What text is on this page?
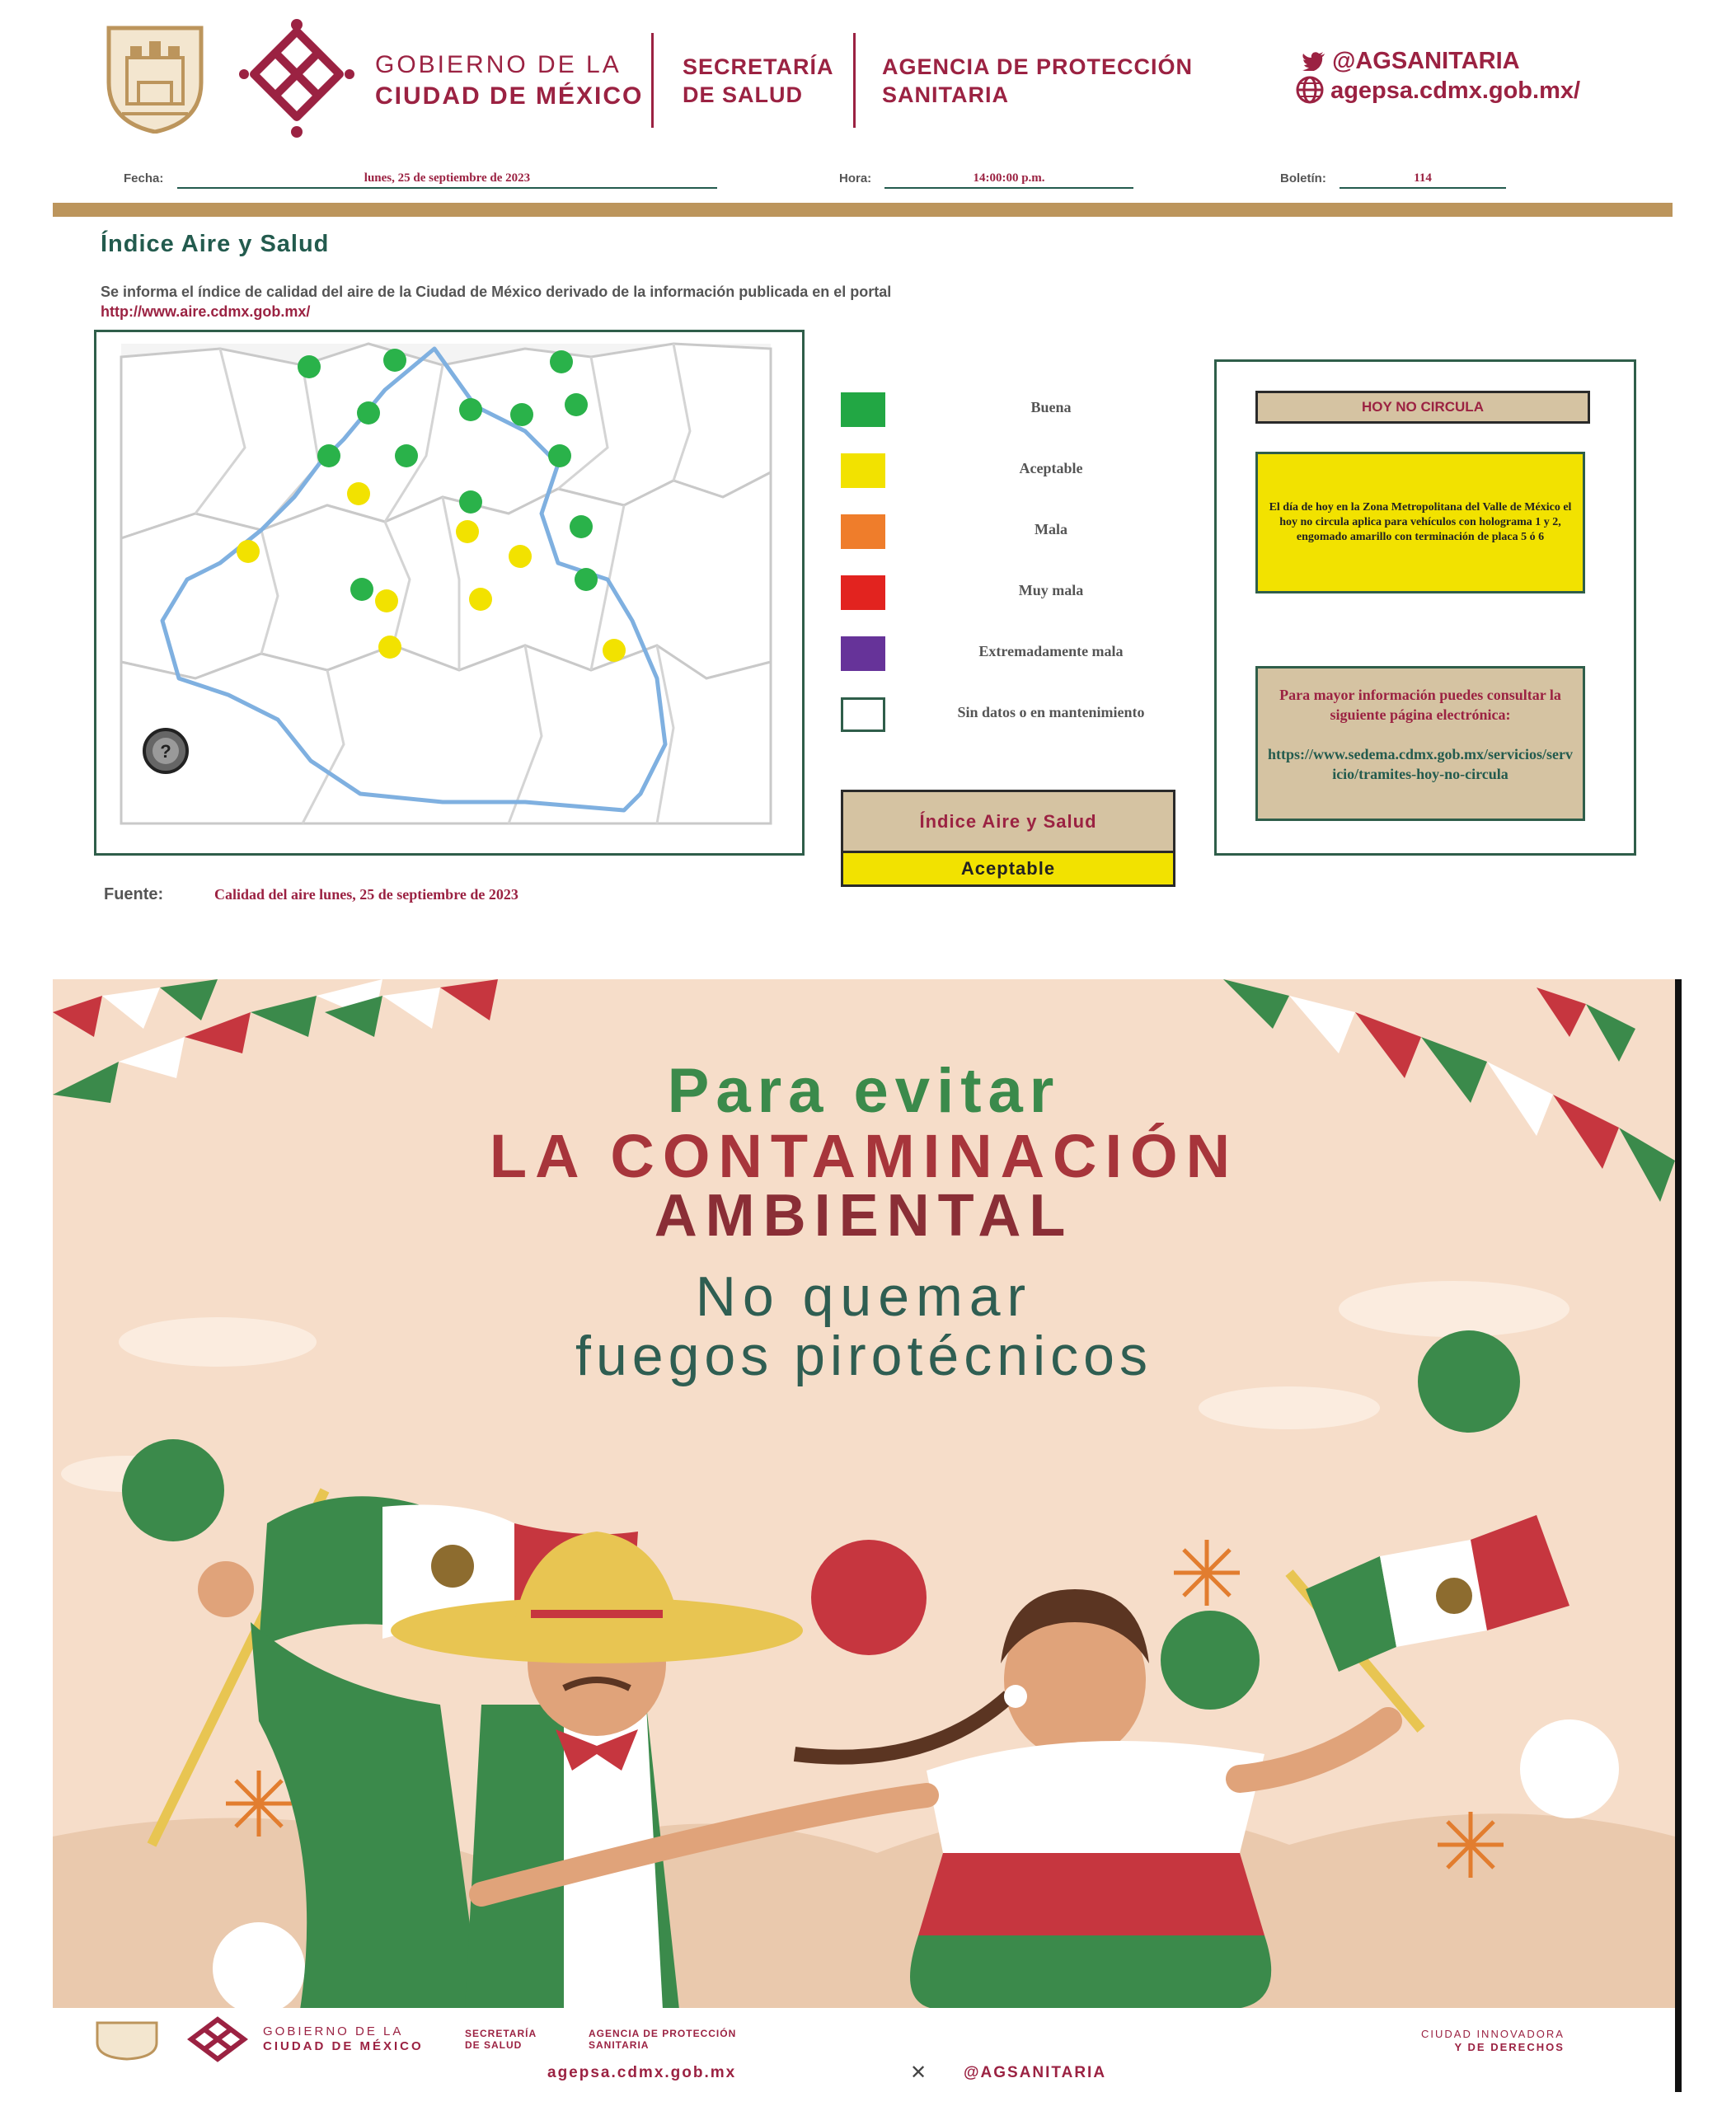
GOBIERNO DE LA
CIUDAD DE MÉXICO
SECRETARÍA
DE SALUD
AGENCIA DE PROTECCIÓN
SANITARIA
@AGSANITARIA
agepsa.cdmx.gob.mx/
Fecha:	lunes, 25 de septiembre de 2023	Hora:	14:00:00 p.m.	Boletín:	114
Índice Aire y Salud
Se informa el índice de calidad del aire de la Ciudad de México derivado de la información publicada en el portal
http://www.aire.cdmx.gob.mx/
?
Buena
Aceptable
Mala
Muy mala
Extremadamente mala
Sin datos o en mantenimiento
Índice Aire y Salud
Aceptable
HOY NO CIRCULA
El día de hoy en la Zona Metropolitana del Valle de México el hoy no circula aplica para vehículos con holograma 1 y 2, engomado amarillo con terminación de placa 5 ó 6
Para mayor información puedes consultar la siguiente página electrónica:
https://www.sedema.cdmx.gob.mx/servicios/servicio/tramites-hoy-no-circula
Fuente:	Calidad del aire lunes, 25 de septiembre de 2023
Para evitar
LA CONTAMINACIÓN
AMBIENTAL
No quemar
fuegos pirotécnicos
GOBIERNO DE LA
CIUDAD DE MÉXICO
SECRETARÍA
DE SALUD
AGENCIA DE PROTECCIÓN
SANITARIA
agepsa.cdmx.gob.mx	✕ @AGSANITARIA
CIUDAD INNOVADORA
Y DE DERECHOS
